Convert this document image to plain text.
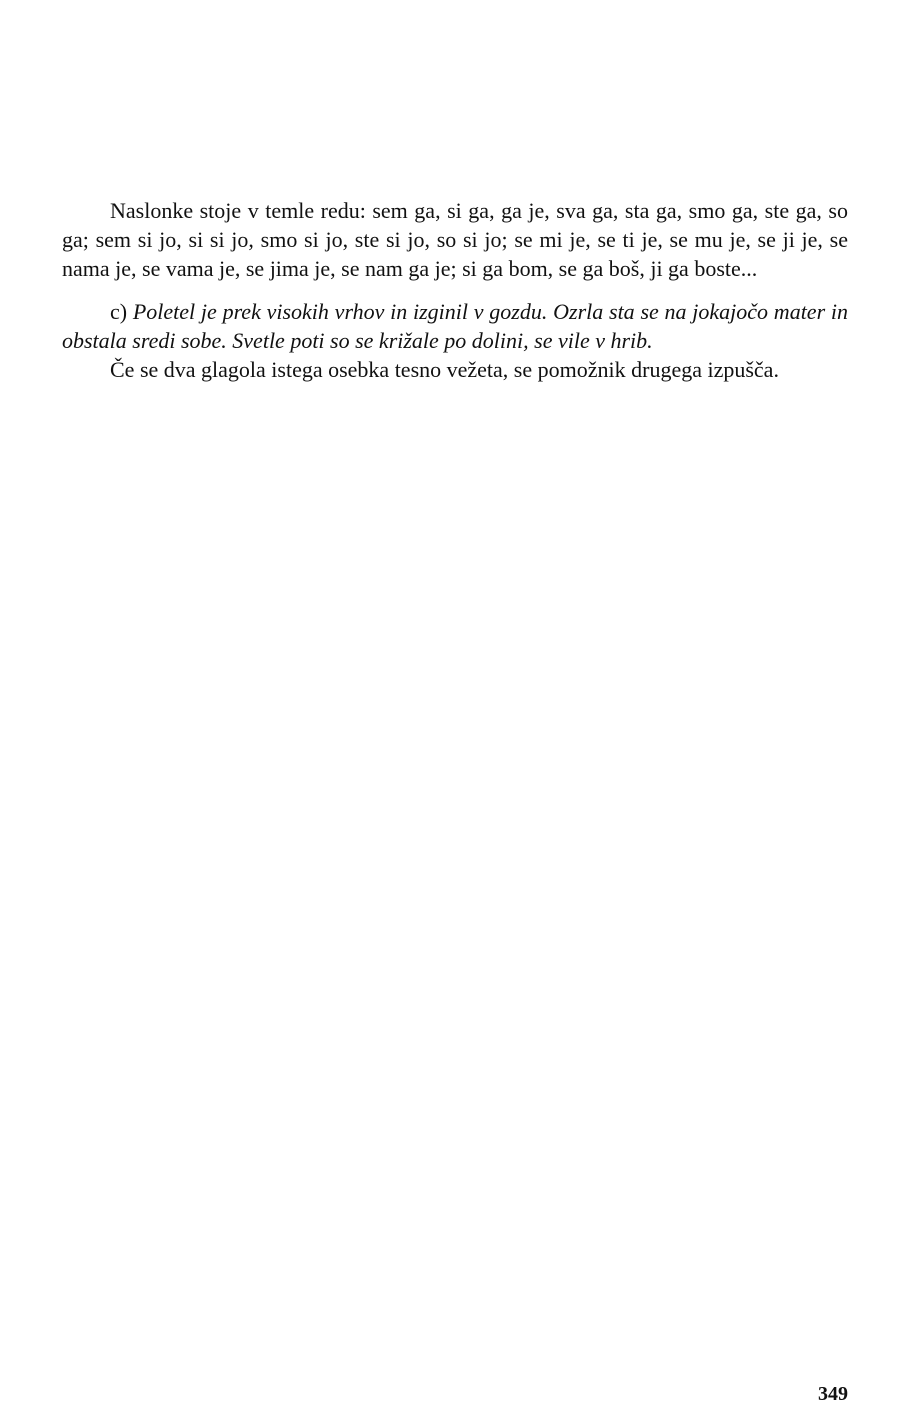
Naslonke stoje v temle redu: sem ga, si ga, ga je, sva ga, sta ga, smo ga, ste ga, so ga; sem si jo, si si jo, smo si jo, ste si jo, so si jo; se mi je, se ti je, se mu je, se ji je, se nama je, se vama je, se jima je, se nam ga je; si ga bom, se ga boš, ji ga boste...

c) Poletel je prek visokih vrhov in izginil v gozdu. Ozrla sta se na jokajočo mater in obstala sredi sobe. Svetle poti so se križale po dolini, se vile v hrib.

Če se dva glagola istega osebka tesno vežeta, se pomožnik drugega izpušča.

349
